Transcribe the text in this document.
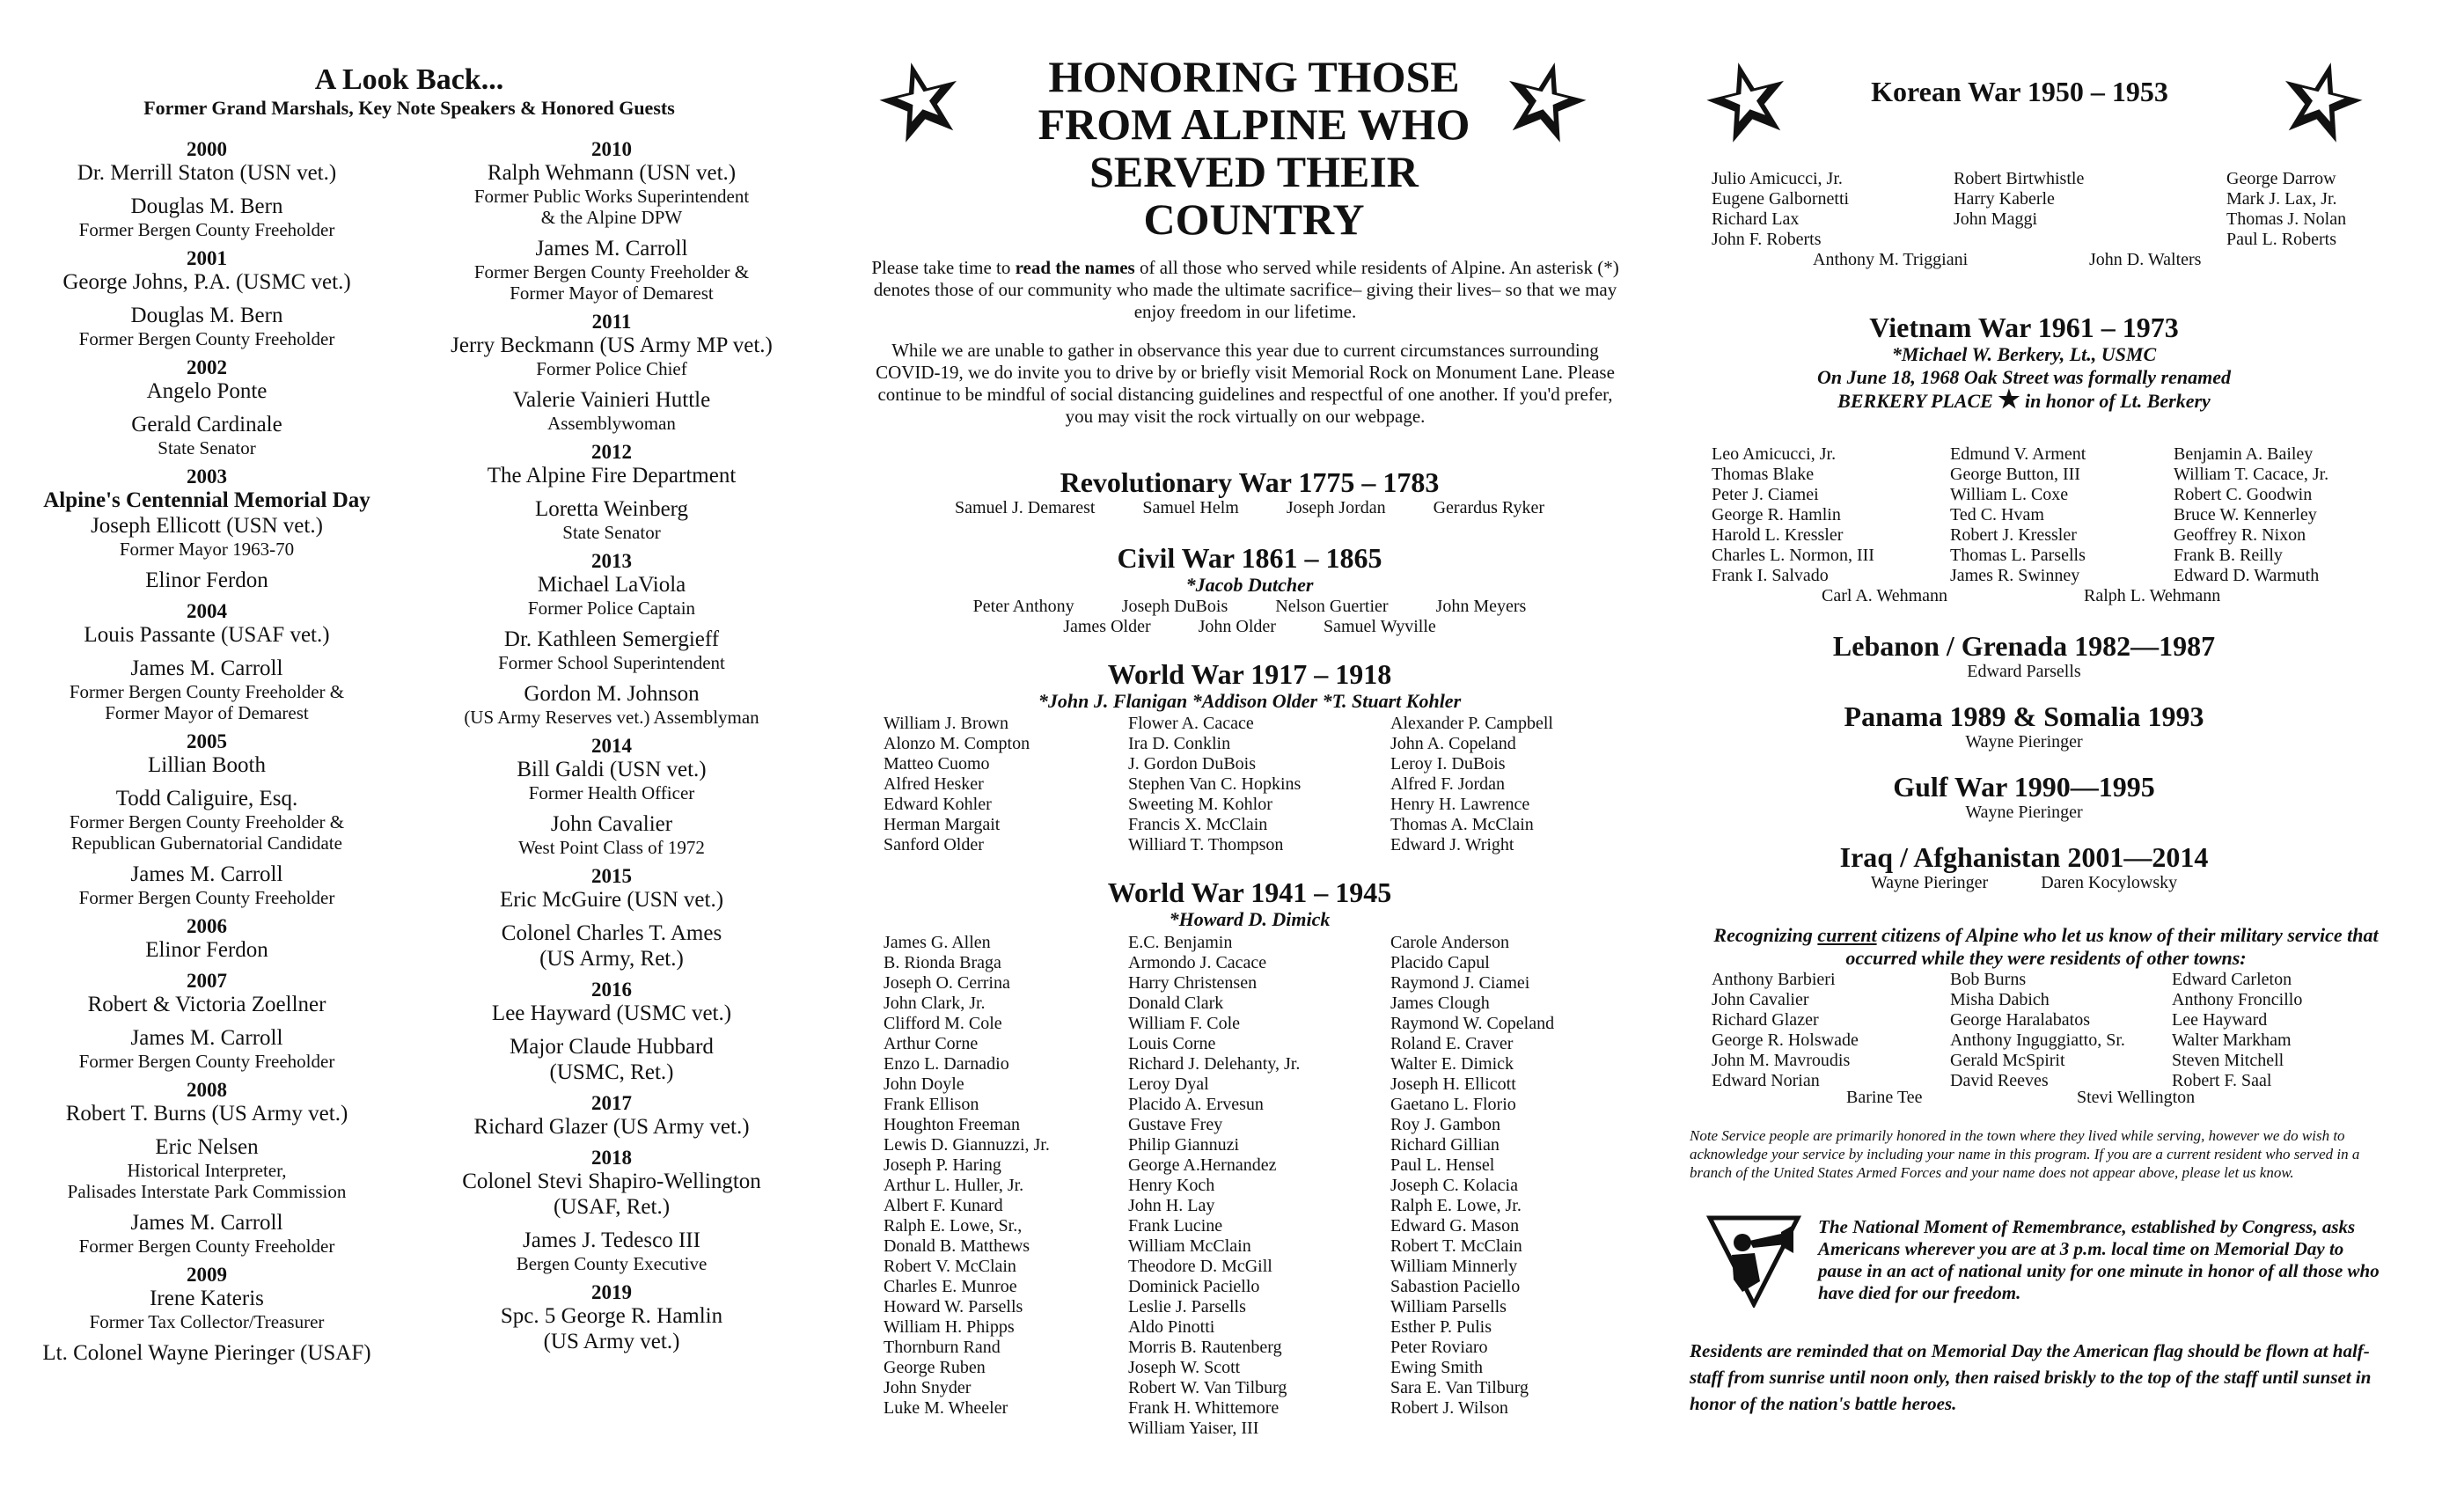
A Look Back...
Former Grand Marshals, Key Note Speakers & Honored Guests
2000
Dr. Merrill Staton (USN vet.)
Douglas M. Bern
Former Bergen County Freeholder
2001
George Johns, P.A. (USMC vet.)
Douglas M. Bern
Former Bergen County Freeholder
2002
Angelo Ponte
Gerald Cardinale
State Senator
2003
Alpine's Centennial Memorial Day
Joseph Ellicott (USN vet.)
Former Mayor 1963-70
Elinor Ferdon
2004
Louis Passante (USAF vet.)
James M. Carroll
Former Bergen County Freeholder &
Former Mayor of Demarest
2005
Lillian Booth
Todd Caliguire, Esq.
Former Bergen County Freeholder &
Republican Gubernatorial Candidate
James M. Carroll
Former Bergen County Freeholder
2006
Elinor Ferdon
2007
Robert & Victoria Zoellner
James M. Carroll
Former Bergen County Freeholder
2008
Robert T. Burns (US Army vet.)
Eric Nelsen
Historical Interpreter,
Palisades Interstate Park Commission
James M. Carroll
Former Bergen County Freeholder
2009
Irene Kateris
Former Tax Collector/Treasurer
Lt. Colonel Wayne Pieringer (USAF)
2010
Ralph Wehmann (USN vet.)
Former Public Works Superintendent
& the Alpine DPW
James M. Carroll
Former Bergen County Freeholder &
Former Mayor of Demarest
2011
Jerry Beckmann (US Army MP vet.)
Former Police Chief
Valerie Vainieri Huttle
Assemblywoman
2012
The Alpine Fire Department
Loretta Weinberg
State Senator
2013
Michael LaViola
Former Police Captain
Dr. Kathleen Semergieff
Former School Superintendent
Gordon M. Johnson
(US Army Reserves vet.) Assemblyman
2014
Bill Galdi (USN vet.)
Former Health Officer
John Cavalier
West Point Class of 1972
2015
Eric McGuire (USN vet.)
Colonel Charles T. Ames
(US Army, Ret.)
2016
Lee Hayward (USMC vet.)
Major Claude Hubbard
(USMC, Ret.)
2017
Richard Glazer (US Army vet.)
2018
Colonel Stevi Shapiro-Wellington
(USAF, Ret.)
James J. Tedesco III
Bergen County Executive
2019
Spc. 5 George R. Hamlin
(US Army vet.)
HONORING THOSE
FROM ALPINE WHO
SERVED THEIR
COUNTRY
Please take time to read the names of all those who served while residents of Alpine. An asterisk (*) denotes those of our community who made the ultimate sacrifice– giving their lives– so that we may enjoy freedom in our lifetime.
While we are unable to gather in observance this year due to current circumstances surrounding COVID-19, we do invite you to drive by or briefly visit Memorial Rock on Monument Lane. Please continue to be mindful of social distancing guidelines and respectful of one another. If you'd prefer, you may visit the rock virtually on our webpage.
Revolutionary War 1775 – 1783
Samuel J. Demarest	Samuel Helm	Joseph Jordan	Gerardus Ryker
Civil War 1861 – 1865
*Jacob Dutcher
Peter Anthony	Joseph DuBois	Nelson Guertier	John Meyers
James Older	John Older	Samuel Wyville
World War 1917 – 1918
*John J. Flanigan *Addison Older *T. Stuart Kohler
William J. Brown
Alonzo M. Compton
Matteo Cuomo
Alfred Hesker
Edward Kohler
Herman Margait
Sanford Older
Flower A. Cacace
Ira D. Conklin
J. Gordon DuBois
Stephen Van C. Hopkins
Sweeting M. Kohlor
Francis X. McClain
Williard T. Thompson
Alexander P. Campbell
John A. Copeland
Leroy I. DuBois
Alfred F. Jordan
Henry H. Lawrence
Thomas A. McClain
Edward J. Wright
World War 1941 – 1945
*Howard D. Dimick
James G. Allen
B. Rionda Braga
Joseph O. Cerrina
John Clark, Jr.
Clifford M. Cole
Arthur Corne
Enzo L. Darnadio
John Doyle
Frank Ellison
Houghton Freeman
Lewis D. Giannuzzi, Jr.
Joseph P. Haring
Arthur L. Huller, Jr.
Albert F. Kunard
Ralph E. Lowe, Sr.,
Donald B. Matthews
Robert V. McClain
Charles E. Munroe
Howard W. Parsells
William H. Phipps
Thornburn Rand
George Ruben
John Snyder
Luke M. Wheeler
E.C. Benjamin
Armondo J. Cacace
Harry Christensen
Donald Clark
William F. Cole
Louis Corne
Richard J. Delehanty, Jr.
Leroy Dyal
Placido A. Ervesun
Gustave Frey
Philip Giannuzi
George A.Hernandez
Henry Koch
John H. Lay
Frank Lucine
William McClain
Theodore D. McGill
Dominick Paciello
Leslie J. Parsells
Aldo Pinotti
Morris B. Rautenberg
Joseph W. Scott
Robert W. Van Tilburg
Frank H. Whittemore
William Yaiser, III
Carole Anderson
Placido Capul
Raymond J. Ciamei
James Clough
Raymond W. Copeland
Roland E. Craver
Walter E. Dimick
Joseph H. Ellicott
Gaetano L. Florio
Roy J. Gambon
Richard Gillian
Paul L. Hensel
Joseph C. Kolacia
Ralph E. Lowe, Jr.
Edward G. Mason
Robert T. McClain
William Minnerly
Sabastion Paciello
William Parsells
Esther P. Pulis
Peter Roviaro
Ewing Smith
Sara E. Van Tilburg
Robert J. Wilson
Korean War 1950 – 1953
Julio Amicucci, Jr.
Eugene Galbornetti
Richard Lax
John F. Roberts
Robert Birtwhistle
Harry Kaberle
John Maggi
George Darrow
Mark J. Lax, Jr.
Thomas J. Nolan
Paul L. Roberts
Anthony M. Triggiani	John D. Walters
Vietnam War 1961 – 1973
*Michael W. Berkery, Lt., USMC
On June 18, 1968 Oak Street was formally renamed
BERKERY PLACE ★ in honor of Lt. Berkery
Leo Amicucci, Jr.
Thomas Blake
Peter J. Ciamei
George R. Hamlin
Harold L. Kressler
Charles L. Normon, III
Frank I. Salvado
Edmund V. Arment
George Button, III
William L. Coxe
Ted C. Hvam
Robert J. Kressler
Thomas L. Parsells
James R. Swinney
Benjamin A. Bailey
William T. Cacace, Jr.
Robert C. Goodwin
Bruce W. Kennerley
Geoffrey R. Nixon
Frank B. Reilly
Edward D. Warmuth
Carl A. Wehmann	Ralph L. Wehmann
Lebanon / Grenada 1982—1987
Edward Parsells
Panama 1989 & Somalia 1993
Wayne Pieringer
Gulf War 1990—1995
Wayne Pieringer
Iraq / Afghanistan 2001—2014
Wayne Pieringer	Daren Kocylowsky
Recognizing current citizens of Alpine who let us know of their military service that occurred while they were residents of other towns:
Anthony Barbieri
John Cavalier
Richard Glazer
George R. Holswade
John M. Mavroudis
Edward Norian
Bob Burns
Misha Dabich
George Haralabatos
Anthony Inguggiatto, Sr.
Gerald McSpirit
David Reeves
Edward Carleton
Anthony Froncillo
Lee Hayward
Walter Markham
Steven Mitchell
Robert F. Saal
Barine Tee	Stevi Wellington
Note Service people are primarily honored in the town where they lived while serving, however we do wish to acknowledge your service by including your name in this program. If you are a current resident who served in a branch of the United States Armed Forces and your name does not appear above, please let us know.
The National Moment of Remembrance, established by Congress, asks Americans wherever you are at 3 p.m. local time on Memorial Day to pause in an act of national unity for one minute in honor of all those who have died for our freedom.
Residents are reminded that on Memorial Day the American flag should be flown at half-staff from sunrise until noon only, then raised briskly to the top of the staff until sunset in honor of the nation's battle heroes.
